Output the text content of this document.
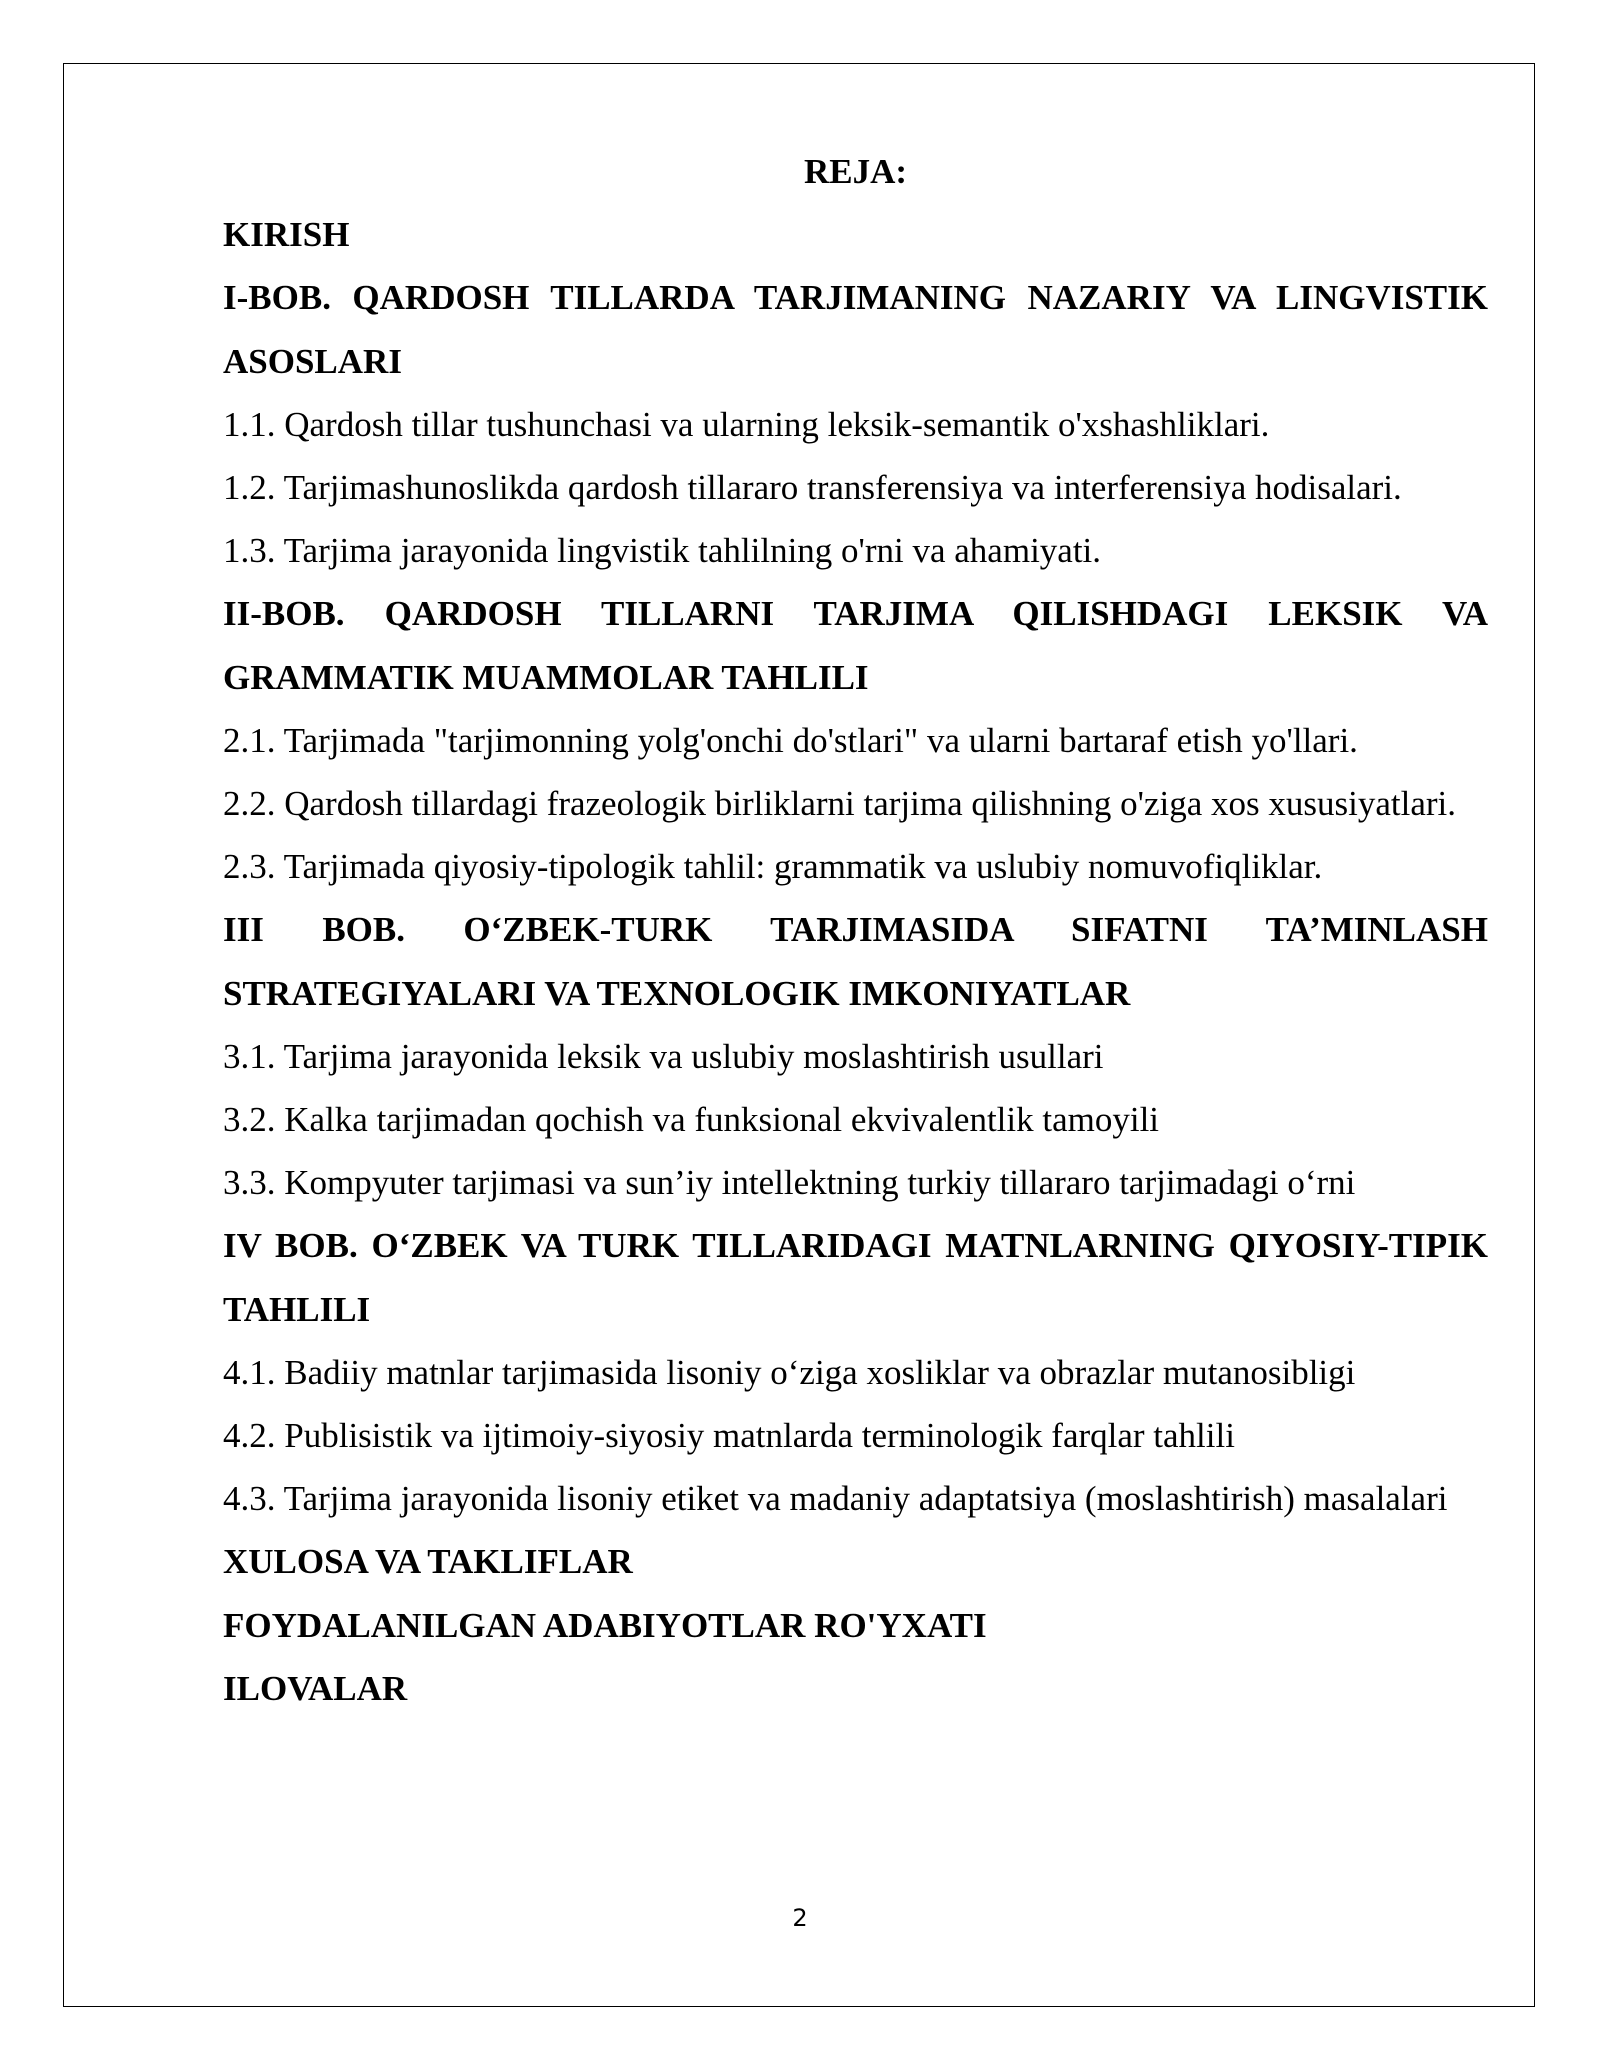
REJA:

KIRISH

I-BOB. QARDOSH TILLARDA TARJIMANING NAZARIY VA LINGVISTIK ASOSLARI

1.1. Qardosh tillar tushunchasi va ularning leksik-semantik o'xshashliklari.

1.2. Tarjimashunoslikda qardosh tillararo transferensiya va interferensiya hodisalari.

1.3. Tarjima jarayonida lingvistik tahlilning o'rni va ahamiyati.

II-BOB. QARDOSH TILLARNI TARJIMA QILISHDAGI LEKSIK VA GRAMMATIK MUAMMOLAR TAHLILI

2.1. Tarjimada "tarjimonning yolg'onchi do'stlari" va ularni bartaraf etish yo'llari.

2.2. Qardosh tillardagi frazeologik birliklarni tarjima qilishning o'ziga xos xususiyatlari.

2.3. Tarjimada qiyosiy-tipologik tahlil: grammatik va uslubiy nomuvofiqliklar.

III BOB. O‘ZBEK-TURK TARJIMASIDA SIFATNI TA’MINLASH STRATEGIYALARI VA TEXNOLOGIK IMKONIYATLAR

3.1. Tarjima jarayonida leksik va uslubiy moslashtirish usullari

3.2. Kalka tarjimadan qochish va funksional ekvivalentlik tamoyili

3.3. Kompyuter tarjimasi va sun’iy intellektning turkiy tillararo tarjimadagi o‘rni

IV BOB. O‘ZBEK VA TURK TILLARIDAGI MATNLARNING QIYOSIY-TIPIK TAHLILI

4.1. Badiiy matnlar tarjimasida lisoniy o‘ziga xosliklar va obrazlar mutanosibligi

4.2. Publisistik va ijtimoiy-siyosiy matnlarda terminologik farqlar tahlili

4.3. Tarjima jarayonida lisoniy etiket va madaniy adaptatsiya (moslashtirish) masalalari

XULOSA VA TAKLIFLAR

FOYDALANILGAN ADABIYOTLAR RO'YXATI

ILOVALAR

2
